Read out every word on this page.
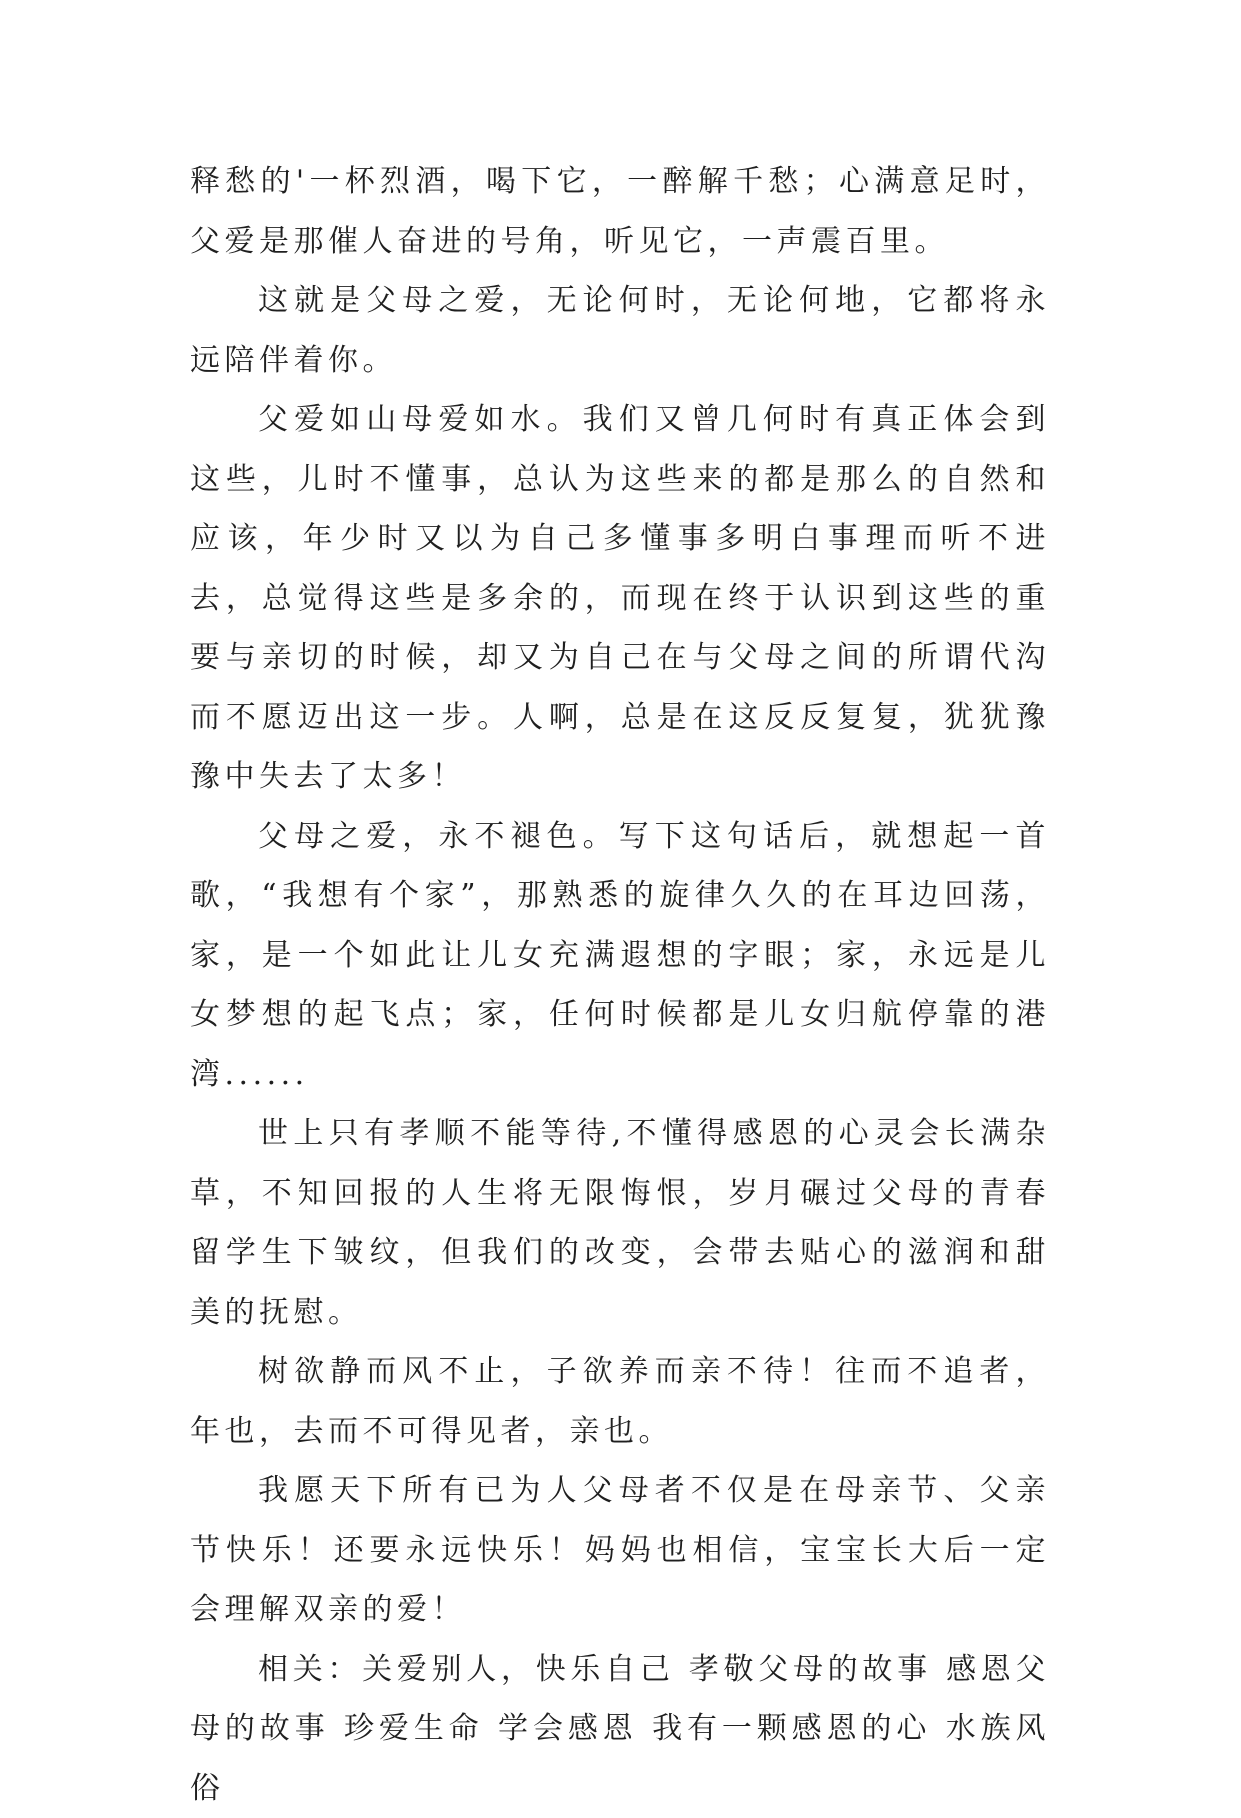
释愁的'一杯烈酒，喝下它，一醉解千愁；心满意足时，父爱是那催人奋进的号角，听见它，一声震百里。

这就是父母之爱，无论何时，无论何地，它都将永远陪伴着你。

父爱如山母爱如水。我们又曾几何时有真正体会到这些，儿时不懂事，总认为这些来的都是那么的自然和应该，年少时又以为自己多懂事多明白事理而听不进去，总觉得这些是多余的，而现在终于认识到这些的重要与亲切的时候，却又为自己在与父母之间的所谓代沟而不愿迈出这一步。人啊，总是在这反反复复，犹犹豫豫中失去了太多！

父母之爱，永不褪色。写下这句话后，就想起一首歌，“我想有个家”，那熟悉的旋律久久的在耳边回荡，家，是一个如此让儿女充满遐想的字眼；家，永远是儿女梦想的起飞点；家，任何时候都是儿女归航停靠的港湾......

世上只有孝顺不能等待,不懂得感恩的心灵会长满杂草，不知回报的人生将无限悔恨，岁月碾过父母的青春留学生下皱纹，但我们的改变，会带去贴心的滋润和甜美的抚慰。

树欲静而风不止，子欲养而亲不待！往而不追者，年也，去而不可得见者，亲也。

我愿天下所有已为人父母者不仅是在母亲节、父亲节快乐！还要永远快乐！妈妈也相信，宝宝长大后一定会理解双亲的爱！

相关：关爱别人，快乐自己 孝敬父母的故事 感恩父母的故事 珍爱生命 学会感恩 我有一颗感恩的心 水族风俗
